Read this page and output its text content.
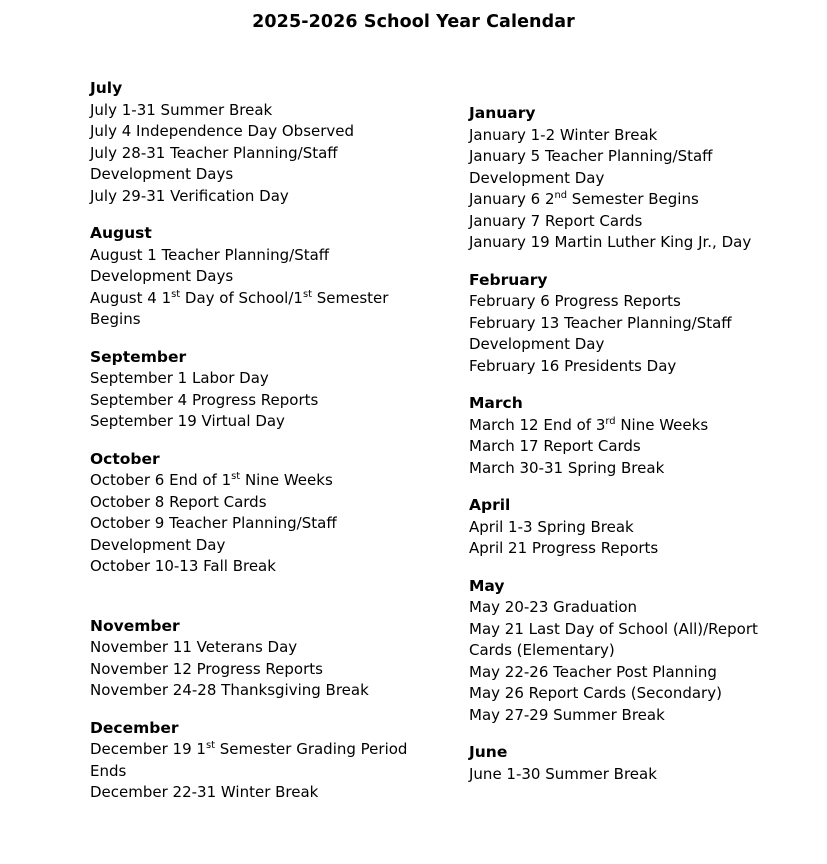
2025-2026 School Year Calendar
July
July 1-31 Summer Break
July 4 Independence Day Observed
July 28-31 Teacher Planning/Staff Development Days
July 29-31 Verification Day
August
August 1 Teacher Planning/Staff Development Days
August 4 1st Day of School/1st Semester Begins
September
September 1 Labor Day
September 4 Progress Reports
September 19 Virtual Day
October
October 6 End of 1st Nine Weeks
October 8 Report Cards
October 9 Teacher Planning/Staff Development Day
October 10-13 Fall Break
November
November 11 Veterans Day
November 12 Progress Reports
November 24-28 Thanksgiving Break
December
December 19 1st Semester Grading Period Ends
December 22-31 Winter Break
January
January 1-2 Winter Break
January 5 Teacher Planning/Staff Development Day
January 6 2nd Semester Begins
January 7 Report Cards
January 19 Martin Luther King Jr., Day
February
February 6 Progress Reports
February 13 Teacher Planning/Staff Development Day
February 16 Presidents Day
March
March 12 End of 3rd Nine Weeks
March 17 Report Cards
March 30-31 Spring Break
April
April 1-3 Spring Break
April 21 Progress Reports
May
May 20-23 Graduation
May 21 Last Day of School (All)/Report Cards (Elementary)
May 22-26 Teacher Post Planning
May 26 Report Cards (Secondary)
May 27-29 Summer Break
June
June 1-30 Summer Break
